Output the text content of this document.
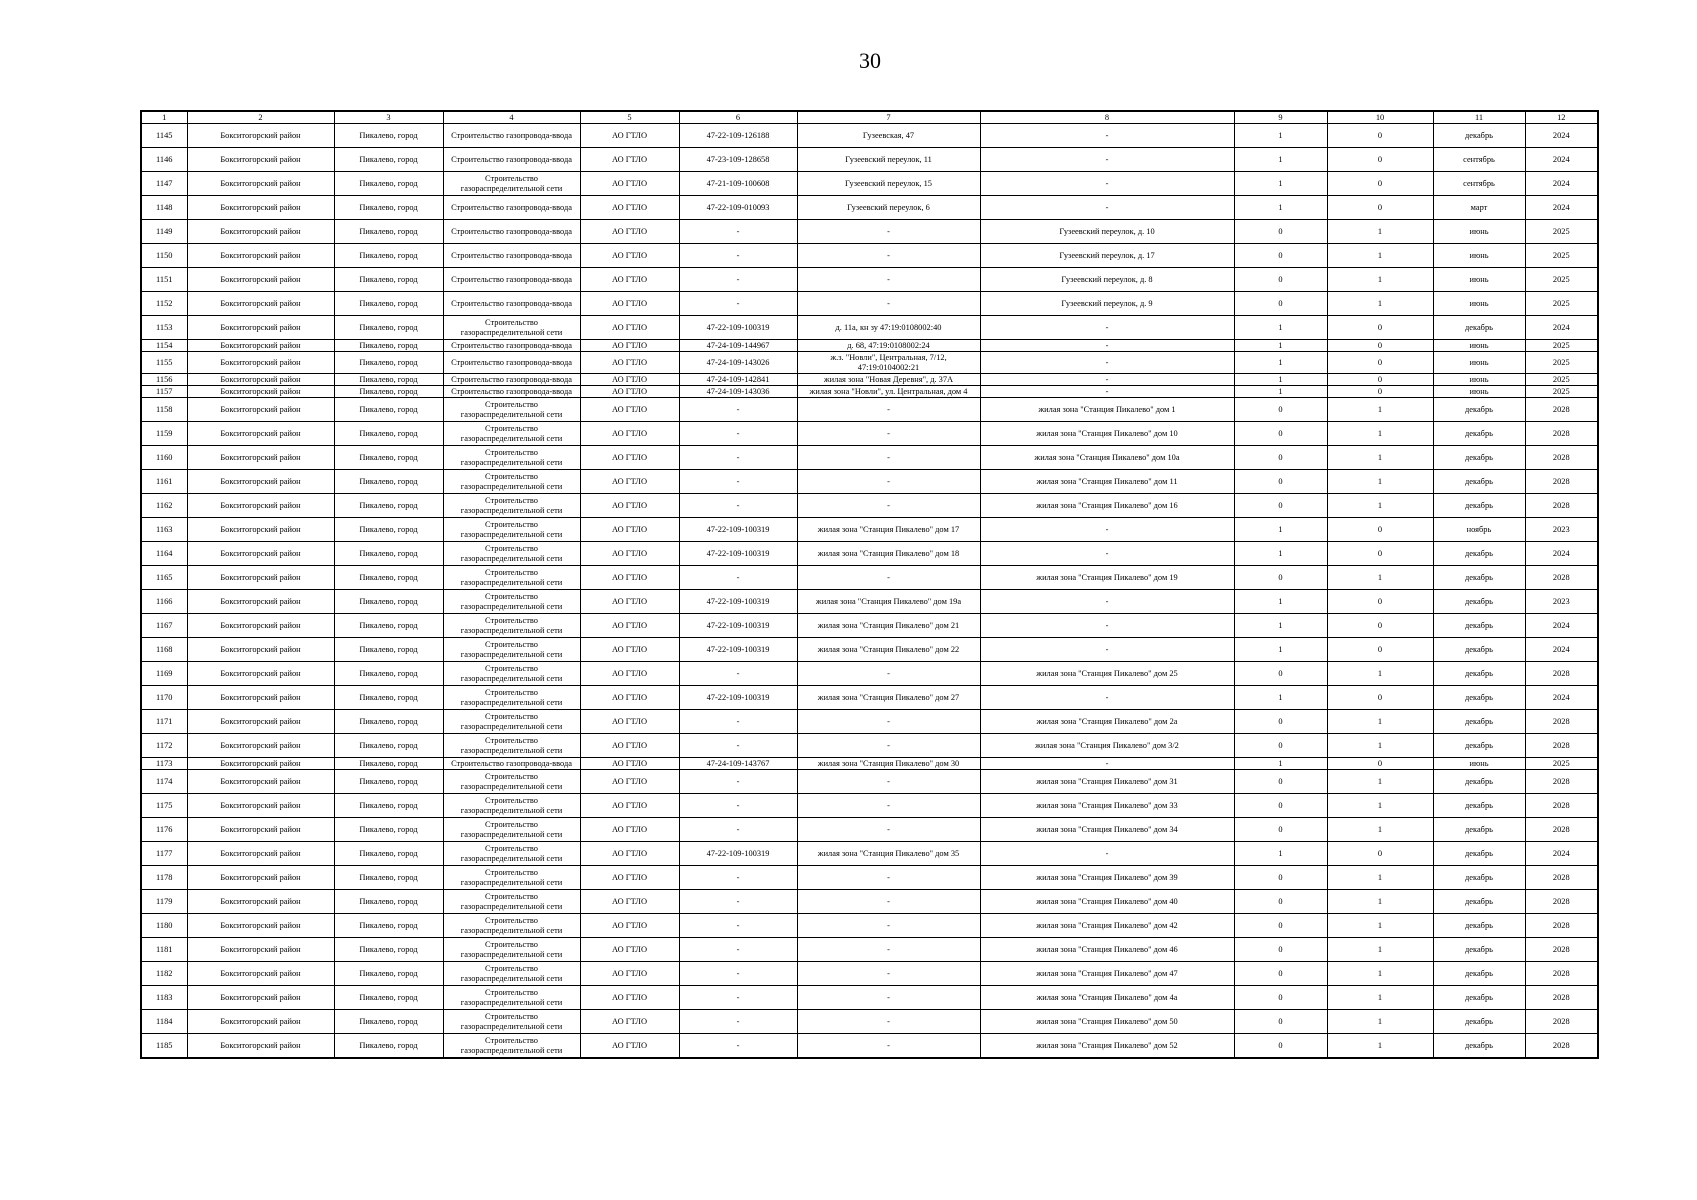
30
1	2	3	4	5	6	7	8	9	10	11	12
1145	Бокситогорский район	Пикалево, город	Строительство газопровода-ввода	АО ГТЛО	47-22-109-126188	Гузеевская, 47	-	1	0	декабрь	2024
1146	Бокситогорский район	Пикалево, город	Строительство газопровода-ввода	АО ГТЛО	47-23-109-128658	Гузеевский переулок, 11	-	1	0	сентябрь	2024
1147	Бокситогорский район	Пикалево, город	Строительство газораспределительной сети	АО ГТЛО	47-21-109-100608	Гузеевский переулок, 15	-	1	0	сентябрь	2024
1148	Бокситогорский район	Пикалево, город	Строительство газопровода-ввода	АО ГТЛО	47-22-109-010093	Гузеевский переулок, 6	-	1	0	март	2024
1149	Бокситогорский район	Пикалево, город	Строительство газопровода-ввода	АО ГТЛО	-	-	Гузеевский переулок, д. 10	0	1	июнь	2025
1150	Бокситогорский район	Пикалево, город	Строительство газопровода-ввода	АО ГТЛО	-	-	Гузеевский переулок, д. 17	0	1	июнь	2025
1151	Бокситогорский район	Пикалево, город	Строительство газопровода-ввода	АО ГТЛО	-	-	Гузеевский переулок, д. 8	0	1	июнь	2025
1152	Бокситогорский район	Пикалево, город	Строительство газопровода-ввода	АО ГТЛО	-	-	Гузеевский переулок, д. 9	0	1	июнь	2025
1153	Бокситогорский район	Пикалево, город	Строительство газораспределительной сети	АО ГТЛО	47-22-109-100319	д. 11а, кн зу 47:19:0108002:40	-	1	0	декабрь	2024
1154	Бокситогорский район	Пикалево, город	Строительство газопровода-ввода	АО ГТЛО	47-24-109-144967	д. 68, 47:19:0108002:24	-	1	0	июнь	2025
1155	Бокситогорский район	Пикалево, город	Строительство газопровода-ввода	АО ГТЛО	47-24-109-143026	ж.з. "Новли", Центральная, 7/12, 47:19:0104002:21	-	1	0	июнь	2025
1156	Бокситогорский район	Пикалево, город	Строительство газопровода-ввода	АО ГТЛО	47-24-109-142841	жилая зона "Новая Деревня", д. 37А	-	1	0	июнь	2025
1157	Бокситогорский район	Пикалево, город	Строительство газопровода-ввода	АО ГТЛО	47-24-109-143036	жилая зона "Новли", ул. Центральная, дом 4	-	1	0	июнь	2025
1158	Бокситогорский район	Пикалево, город	Строительство газораспределительной сети	АО ГТЛО	-	-	жилая зона "Станция Пикалево" дом 1	0	1	декабрь	2028
1159	Бокситогорский район	Пикалево, город	Строительство газораспределительной сети	АО ГТЛО	-	-	жилая зона "Станция Пикалево" дом 10	0	1	декабрь	2028
1160	Бокситогорский район	Пикалево, город	Строительство газораспределительной сети	АО ГТЛО	-	-	жилая зона "Станция Пикалево" дом 10а	0	1	декабрь	2028
1161	Бокситогорский район	Пикалево, город	Строительство газораспределительной сети	АО ГТЛО	-	-	жилая зона "Станция Пикалево" дом 11	0	1	декабрь	2028
1162	Бокситогорский район	Пикалево, город	Строительство газораспределительной сети	АО ГТЛО	-	-	жилая зона "Станция Пикалево" дом 16	0	1	декабрь	2028
1163	Бокситогорский район	Пикалево, город	Строительство газораспределительной сети	АО ГТЛО	47-22-109-100319	жилая зона "Станция Пикалево" дом 17	-	1	0	ноябрь	2023
1164	Бокситогорский район	Пикалево, город	Строительство газораспределительной сети	АО ГТЛО	47-22-109-100319	жилая зона "Станция Пикалево" дом 18	-	1	0	декабрь	2024
1165	Бокситогорский район	Пикалево, город	Строительство газораспределительной сети	АО ГТЛО	-	-	жилая зона "Станция Пикалево" дом 19	0	1	декабрь	2028
1166	Бокситогорский район	Пикалево, город	Строительство газораспределительной сети	АО ГТЛО	47-22-109-100319	жилая зона "Станция Пикалево" дом 19а	-	1	0	декабрь	2023
1167	Бокситогорский район	Пикалево, город	Строительство газораспределительной сети	АО ГТЛО	47-22-109-100319	жилая зона "Станция Пикалево" дом 21	-	1	0	декабрь	2024
1168	Бокситогорский район	Пикалево, город	Строительство газораспределительной сети	АО ГТЛО	47-22-109-100319	жилая зона "Станция Пикалево" дом 22	-	1	0	декабрь	2024
1169	Бокситогорский район	Пикалево, город	Строительство газораспределительной сети	АО ГТЛО	-	-	жилая зона "Станция Пикалево" дом 25	0	1	декабрь	2028
1170	Бокситогорский район	Пикалево, город	Строительство газораспределительной сети	АО ГТЛО	47-22-109-100319	жилая зона "Станция Пикалево" дом 27	-	1	0	декабрь	2024
1171	Бокситогорский район	Пикалево, город	Строительство газораспределительной сети	АО ГТЛО	-	-	жилая зона "Станция Пикалево" дом 2а	0	1	декабрь	2028
1172	Бокситогорский район	Пикалево, город	Строительство газораспределительной сети	АО ГТЛО	-	-	жилая зона "Станция Пикалево" дом 3/2	0	1	декабрь	2028
1173	Бокситогорский район	Пикалево, город	Строительство газопровода-ввода	АО ГТЛО	47-24-109-143767	жилая зона "Станция Пикалево" дом 30	-	1	0	июнь	2025
1174	Бокситогорский район	Пикалево, город	Строительство газораспределительной сети	АО ГТЛО	-	-	жилая зона "Станция Пикалево" дом 31	0	1	декабрь	2028
1175	Бокситогорский район	Пикалево, город	Строительство газораспределительной сети	АО ГТЛО	-	-	жилая зона "Станция Пикалево" дом 33	0	1	декабрь	2028
1176	Бокситогорский район	Пикалево, город	Строительство газораспределительной сети	АО ГТЛО	-	-	жилая зона "Станция Пикалево" дом 34	0	1	декабрь	2028
1177	Бокситогорский район	Пикалево, город	Строительство газораспределительной сети	АО ГТЛО	47-22-109-100319	жилая зона "Станция Пикалево" дом 35	-	1	0	декабрь	2024
1178	Бокситогорский район	Пикалево, город	Строительство газораспределительной сети	АО ГТЛО	-	-	жилая зона "Станция Пикалево" дом 39	0	1	декабрь	2028
1179	Бокситогорский район	Пикалево, город	Строительство газораспределительной сети	АО ГТЛО	-	-	жилая зона "Станция Пикалево" дом 40	0	1	декабрь	2028
1180	Бокситогорский район	Пикалево, город	Строительство газораспределительной сети	АО ГТЛО	-	-	жилая зона "Станция Пикалево" дом 42	0	1	декабрь	2028
1181	Бокситогорский район	Пикалево, город	Строительство газораспределительной сети	АО ГТЛО	-	-	жилая зона "Станция Пикалево" дом 46	0	1	декабрь	2028
1182	Бокситогорский район	Пикалево, город	Строительство газораспределительной сети	АО ГТЛО	-	-	жилая зона "Станция Пикалево" дом 47	0	1	декабрь	2028
1183	Бокситогорский район	Пикалево, город	Строительство газораспределительной сети	АО ГТЛО	-	-	жилая зона "Станция Пикалево" дом 4а	0	1	декабрь	2028
1184	Бокситогорский район	Пикалево, город	Строительство газораспределительной сети	АО ГТЛО	-	-	жилая зона "Станция Пикалево" дом 50	0	1	декабрь	2028
1185	Бокситогорский район	Пикалево, город	Строительство газораспределительной сети	АО ГТЛО	-	-	жилая зона "Станция Пикалево" дом 52	0	1	декабрь	2028
